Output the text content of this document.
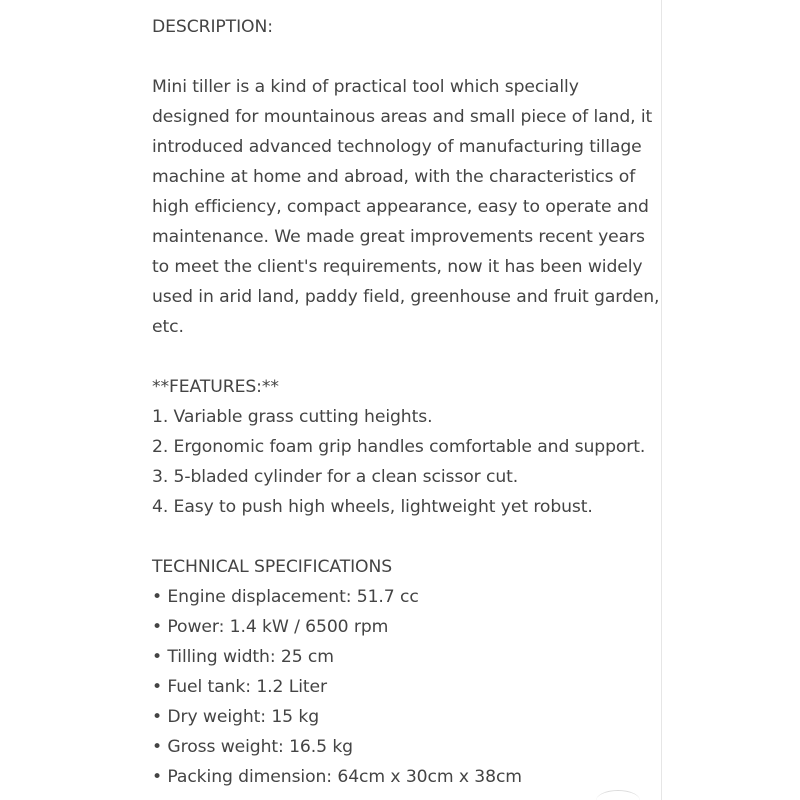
DESCRIPTION:
Mini tiller is a kind of practical tool which specially
designed for mountainous areas and small piece of land, it
introduced advanced technology of manufacturing tillage
machine at home and abroad, with the characteristics of
high efficiency, compact appearance, easy to operate and
maintenance. We made great improvements recent years
to meet the client's requirements, now it has been widely
used in arid land, paddy field, greenhouse and fruit garden,
etc.
**FEATURES:**
1. Variable grass cutting heights.
2. Ergonomic foam grip handles comfortable and support.
3. 5-bladed cylinder for a clean scissor cut.
4. Easy to push high wheels, lightweight yet robust.
TECHNICAL SPECIFICATIONS
• Engine displacement: 51.7 cc
• Power: 1.4 kW / 6500 rpm
• Tilling width: 25 cm
• Fuel tank: 1.2 Liter
• Dry weight: 15 kg
• Gross weight: 16.5 kg
• Packing dimension: 64cm x 30cm x 38cm
